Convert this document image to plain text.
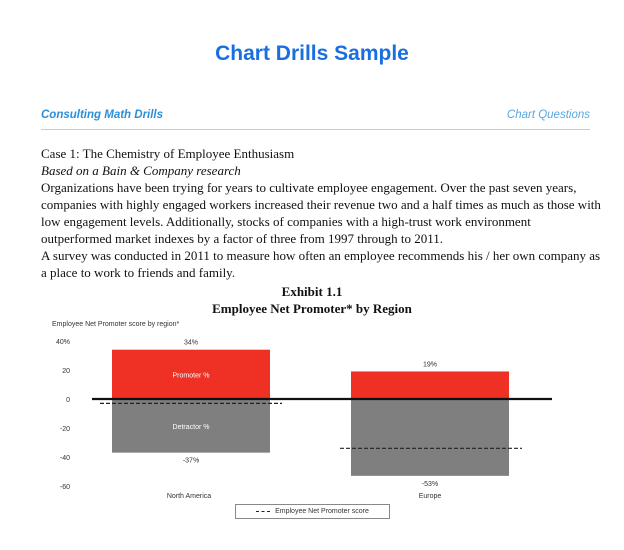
Chart Drills Sample
Consulting Math Drills	Chart Questions
Case 1: The Chemistry of Employee Enthusiasm
Based on a Bain & Company research
Organizations have been trying for years to cultivate employee engagement. Over the past seven years, companies with highly engaged workers increased their revenue two and a half times as much as those with low engagement levels. Additionally, stocks of companies with a high-trust work environment outperformed market indexes by a factor of three from 1997 through to 2011.
A survey was conducted in 2011 to measure how often an employee recommends his / her own company as a place to work to friends and family.
Exhibit 1.1
Employee Net Promoter* by Region
Employee Net Promoter score by region*
40%
20
0
-20
-40
-60
34%
19%
-37%
-53%
Promoter %
Detractor %
North America	Europe
Employee Net Promoter score
